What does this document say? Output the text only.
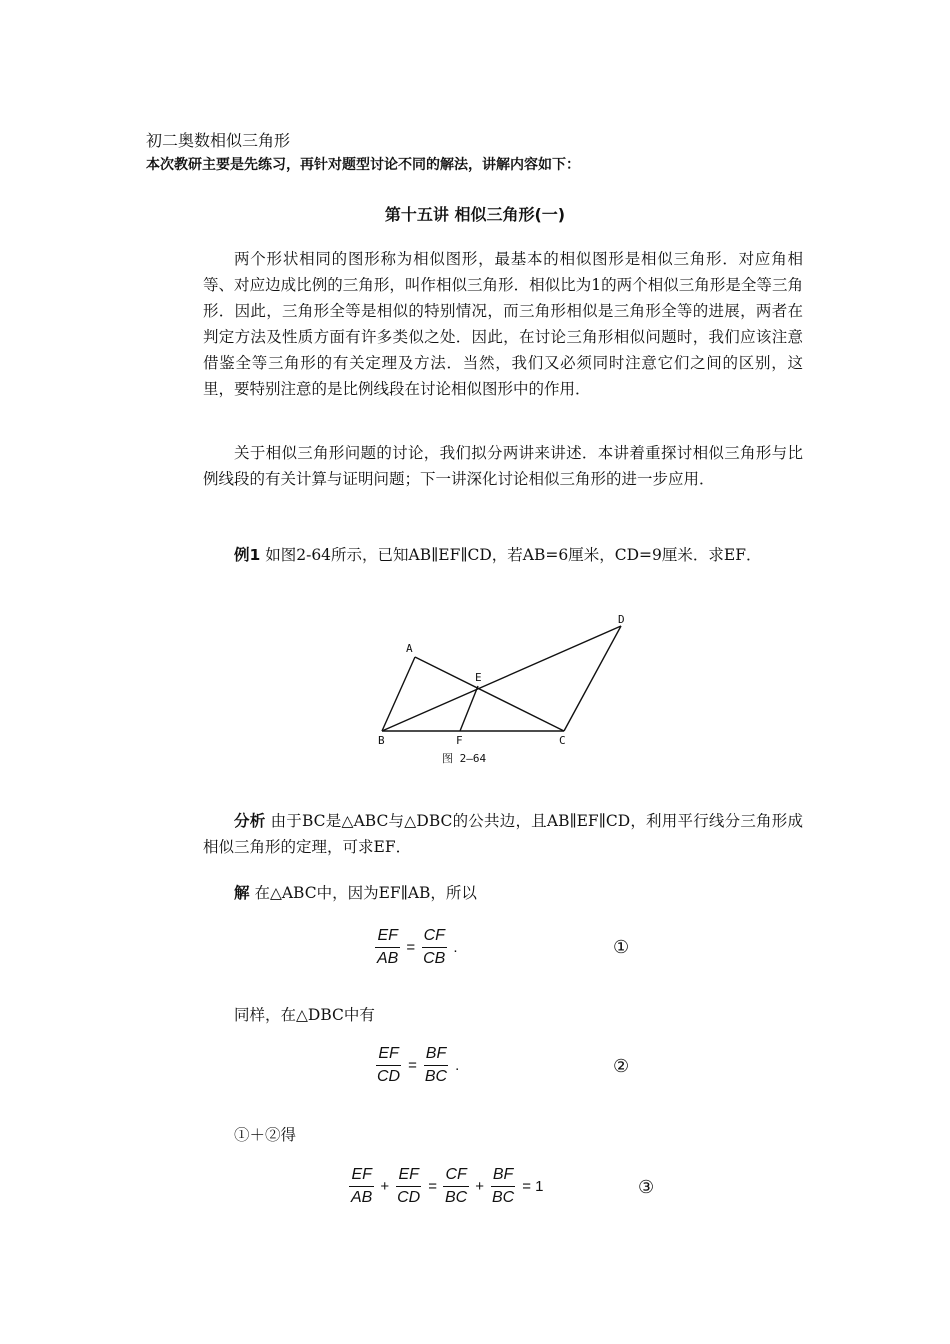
初二奥数相似三角形
本次教研主要是先练习，再针对题型讨论不同的解法，讲解内容如下：
第十五讲 相似三角形(一)
两个形状相同的图形称为相似图形，最基本的相似图形是相似三角形．对应角相等、对应边成比例的三角形，叫作相似三角形．相似比为1的两个相似三角形是全等三角形．因此，三角形全等是相似的特别情况，而三角形相似是三角形全等的进展，两者在判定方法及性质方面有许多类似之处．因此，在讨论三角形相似问题时，我们应该注意借鉴全等三角形的有关定理及方法．当然，我们又必须同时注意它们之间的区别，这里，要特别注意的是比例线段在讨论相似图形中的作用．
关于相似三角形问题的讨论，我们拟分两讲来讲述．本讲着重探讨相似三角形与比例线段的有关计算与证明问题；下一讲深化讨论相似三角形的进一步应用．
例1 如图2-64所示，已知AB∥EF∥CD，若AB=6厘米，CD=9厘米．求EF．
A
B	C
D
E
F
图 2—64
分析 由于BC是△ABC与△DBC的公共边，且AB∥EF∥CD，利用平行线分三角形成相似三角形的定理，可求EF．
解 在△ABC中，因为EF∥AB，所以
$\frac{EF}{AB} = \frac{CF}{CB}$ .	①
同样，在△DBC中有
$\frac{EF}{CD} = \frac{BF}{BC}$ .	②
①＋②得
$\frac{EF}{AB} + \frac{EF}{CD} = \frac{CF}{BC} + \frac{BF}{BC} = 1$	③
